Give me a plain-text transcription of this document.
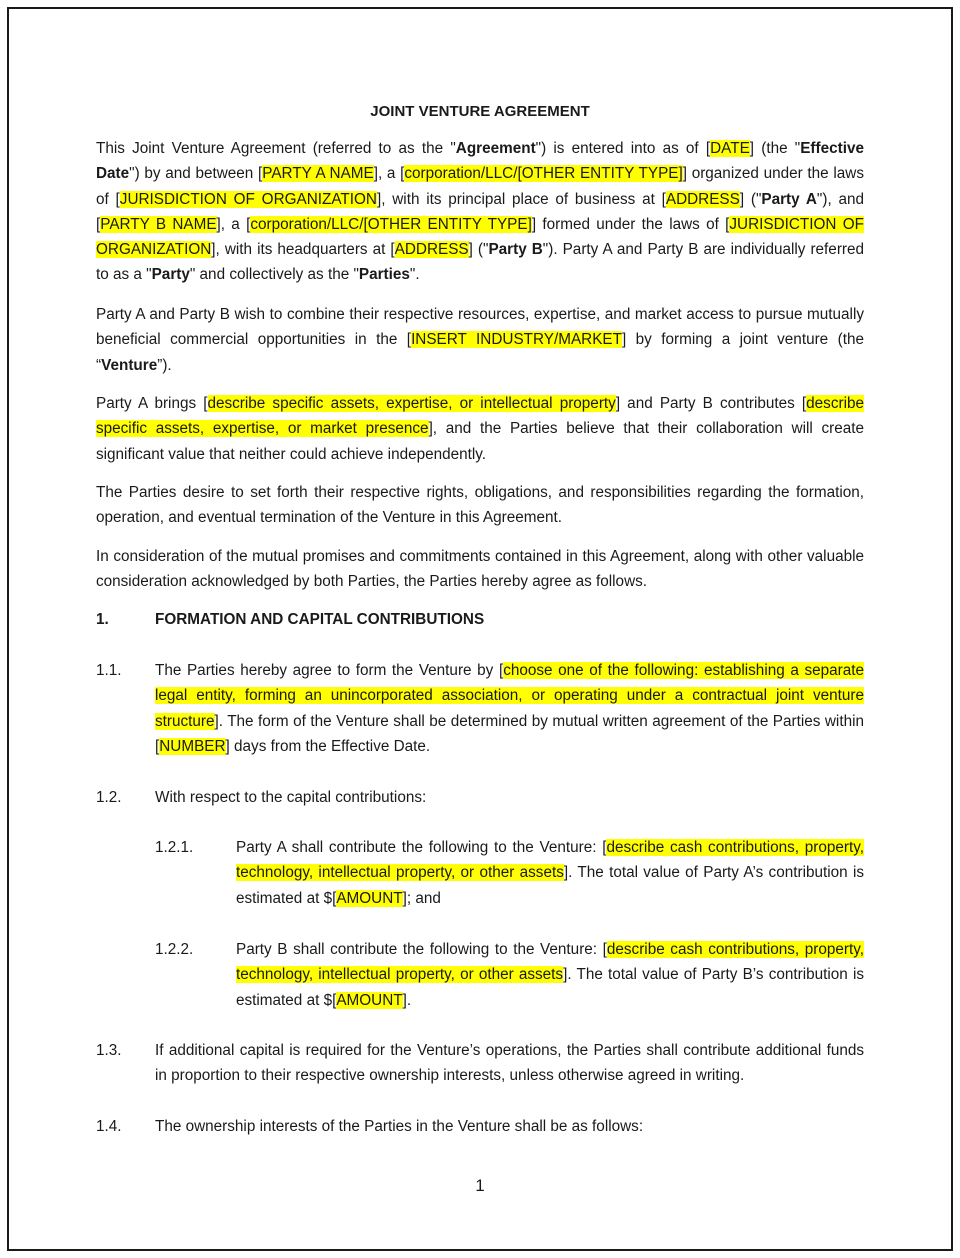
JOINT VENTURE AGREEMENT

This Joint Venture Agreement (referred to as the "Agreement") is entered into as of [DATE] (the "Effective Date") by and between [PARTY A NAME], a [corporation/LLC/[OTHER ENTITY TYPE]] organized under the laws of [JURISDICTION OF ORGANIZATION], with its principal place of business at [ADDRESS] ("Party A"), and [PARTY B NAME], a [corporation/LLC/[OTHER ENTITY TYPE]] formed under the laws of [JURISDICTION OF ORGANIZATION], with its headquarters at [ADDRESS] ("Party B"). Party A and Party B are individually referred to as a "Party" and collectively as the "Parties".

Party A and Party B wish to combine their respective resources, expertise, and market access to pursue mutually beneficial commercial opportunities in the [INSERT INDUSTRY/MARKET] by forming a joint venture (the “Venture”).

Party A brings [describe specific assets, expertise, or intellectual property] and Party B contributes [describe specific assets, expertise, or market presence], and the Parties believe that their collaboration will create significant value that neither could achieve independently.

The Parties desire to set forth their respective rights, obligations, and responsibilities regarding the formation, operation, and eventual termination of the Venture in this Agreement.

In consideration of the mutual promises and commitments contained in this Agreement, along with other valuable consideration acknowledged by both Parties, the Parties hereby agree as follows.

1.	FORMATION AND CAPITAL CONTRIBUTIONS
1.1. The Parties hereby agree to form the Venture by [choose one of the following: establishing a separate legal entity, forming an unincorporated association, or operating under a contractual joint venture structure]. The form of the Venture shall be determined by mutual written agreement of the Parties within [NUMBER] days from the Effective Date.

1.2. With respect to the capital contributions:

1.2.1.	Party A shall contribute the following to the Venture: [describe cash contributions, property, technology, intellectual property, or other assets]. The total value of Party A’s contribution is estimated at $[AMOUNT]; and

1.2.2.	Party B shall contribute the following to the Venture: [describe cash contributions, property, technology, intellectual property, or other assets]. The total value of Party B’s contribution is estimated at $[AMOUNT].

1.3. If additional capital is required for the Venture’s operations, the Parties shall contribute additional funds in proportion to their respective ownership interests, unless otherwise agreed in writing.

1.4. The ownership interests of the Parties in the Venture shall be as follows:

1
